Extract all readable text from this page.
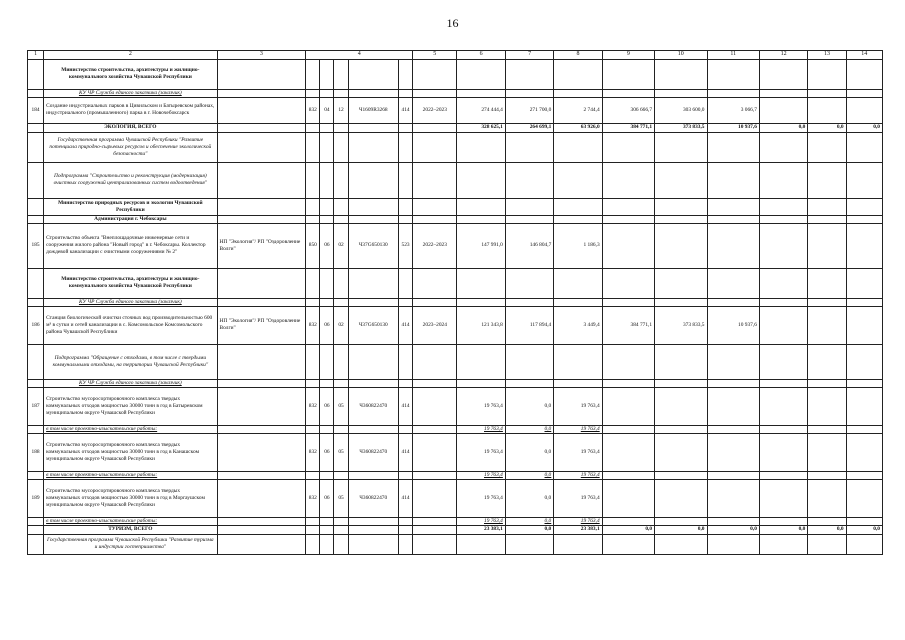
16
1	2	3	4					5	6	7	8	9	10	11	12	13	14
	Министерство строительства, архитектуры и жилищно-коммунального хозяйства Чувашской Республики																
	КУ ЧР Служба единого заказчика (заказчик)																
184	Создание индустриальных парков в Цивильском и Батыревском районах, индустриального (промышленного) парка в г. Новочебоксарск		832	04	12	Ч1609R3268	414	2022–2023	274 444,4	271 700,0	2 744,4	306 666,7	303 600,0	3 066,7			
	ЭКОЛОГИЯ, ВСЕГО								328 625,1	264 699,1	63 926,0	384 771,1	373 833,5	10 937,6	0,0	0,0	0,0
	Государственная программа Чувашской Республики "Развитие потенциала природно-сырьевых ресурсов и обеспечение экологической безопасности"																
	Подпрограмма "Строительство и реконструкция (модернизация) очистных сооружений централизованных систем водоотведения"																
	Министерство природных ресурсов и экологии Чувашской Республики																
	Администрация г. Чебоксары																
185	Строительство объекта "Внеплощадочные инженерные сети и сооружения жилого района "Новый город" в г. Чебоксары. Коллектор дождевой канализации с очистными сооружениями № 2"	НП "Экология"/ РП "Оздоровление Волги"	850	06	02	Ч37G650130	523	2022–2023	147 991,0	146 804,7	1 186,3						
	Министерство строительства, архитектуры и жилищно-коммунального хозяйства Чувашской Республики																
	КУ ЧР Служба единого заказчика (заказчик)																
186	Станция биологической очистки сточных вод производительностью 600 м³ в сутки и сетей канализации в с. Комсомольское Комсомольского района Чувашской Республики	НП "Экология"/ РП "Оздоровление Волги"	832	06	02	Ч37G650130	414	2023–2024	121 343,8	117 894,4	3 449,4	384 771,1	373 833,5	10 937,6			
	Подпрограмма "Обращение с отходами, в том числе с твердыми коммунальными отходами, на территории Чувашской Республики"																
	КУ ЧР Служба единого заказчика (заказчик)																
187	Строительство мусоросортировочного комплекса твердых коммунальных отходов мощностью 30000 тонн в год в Батыревском муниципальном округе Чувашской Республики		832	06	05	Ч360822470	414		19 763,4	0,0	19 763,4						
	в том числе проектно-изыскательские работы:								19 763,4	0,0	19 763,4						
188	Строительство мусоросортировочного комплекса твердых коммунальных отходов мощностью 30000 тонн в год в Канашском муниципальном округе Чувашской Республики		832	06	05	Ч360822470	414		19 763,4	0,0	19 763,4						
	в том числе проектно-изыскательские работы:								19 763,4	0,0	19 763,4						
189	Строительство мусоросортировочного комплекса твердых коммунальных отходов мощностью 30000 тонн в год в Моргаушском муниципальном округе Чувашской Республики		832	06	05	Ч360822470	414		19 763,4	0,0	19 763,4						
	в том числе проектно-изыскательские работы:								19 763,4	0,0	19 763,4						
	ТУРИЗМ, ВСЕГО								23 383,1	0,0	23 383,1	0,0	0,0	0,0	0,0	0,0	0,0
	Государственная программа Чувашской Республики "Развитие туризма и индустрии гостеприимства"																
